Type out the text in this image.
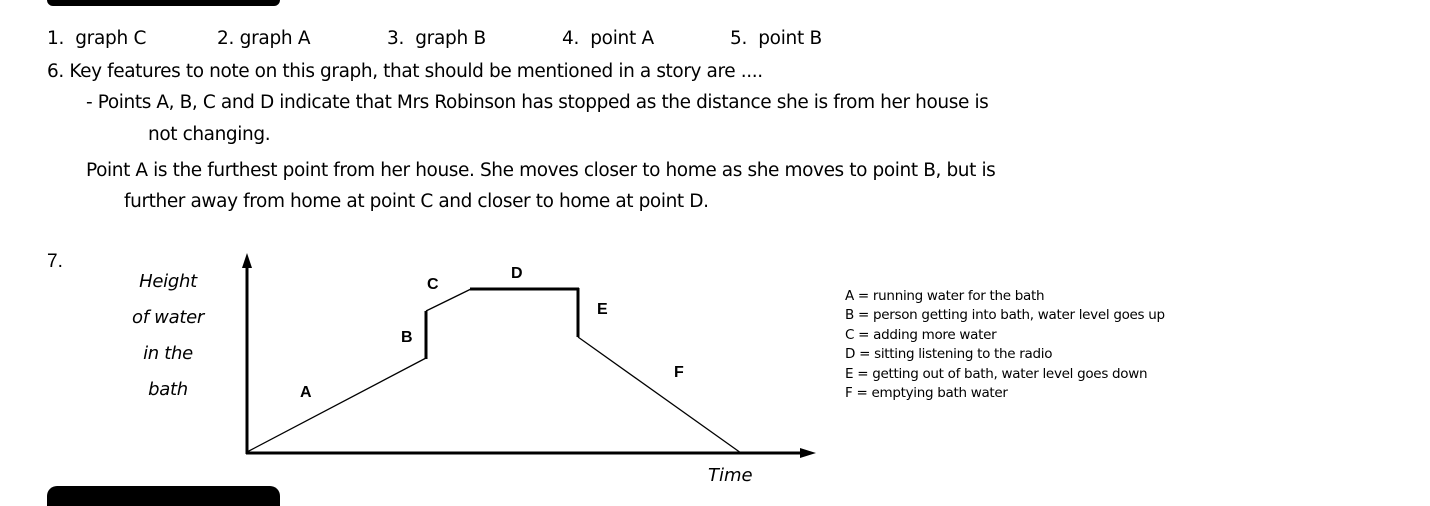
1. graph C	2. graph A	3. graph B	4. point A	5. point B
6. Key features to note on this graph, that should be mentioned in a story are ....
- Points A, B, C and D indicate that Mrs Robinson has stopped as the distance she is from her house is
not changing.
Point A is the furthest point from her house. She moves closer to home as she moves to point B, but is
further away from home at point C and closer to home at point D.
7.
Height
of water
in the
bath	A
B
C
D
E
F
Time
A = running water for the bath
B = person getting into bath, water level goes up
C = adding more water
D = sitting listening to the radio
E = getting out of bath, water level goes down
F = emptying bath water
